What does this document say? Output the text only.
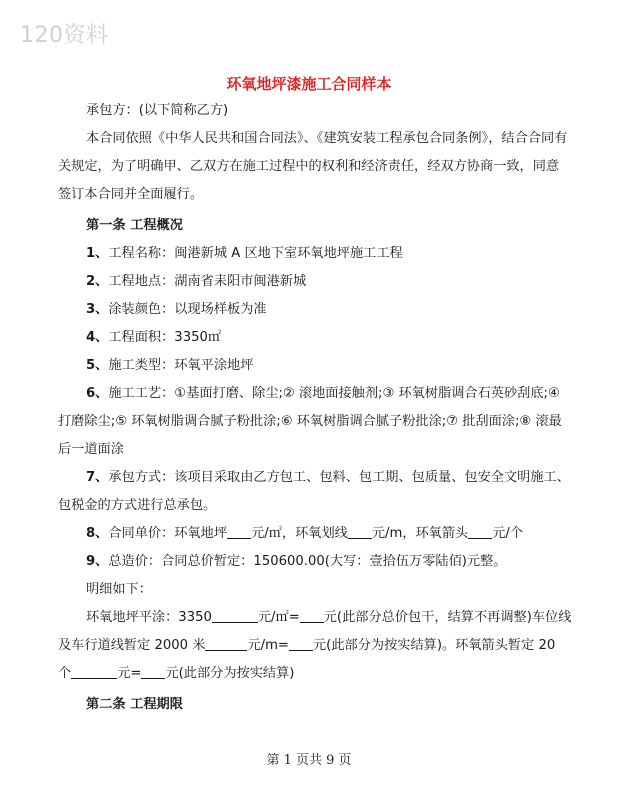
120资料
环氧地坪漆施工合同样本

承包方：(以下简称乙方)

本合同依照《中华人民共和国合同法》、《建筑安装工程承包合同条例》，结合合同有关规定，为了明确甲、乙双方在施工过程中的权利和经济责任，经双方协商一致，同意签订本合同并全面履行。

第一条 工程概况

1、工程名称：闽港新城 A 区地下室环氧地坪施工工程

2、工程地点：湖南省耒阳市闽港新城

3、涂装颜色：以现场样板为准

4、工程面积：3350㎡

5、施工类型：环氧平涂地坪

6、施工工艺：①基面打磨、除尘;② 滚地面接触剂;③ 环氧树脂调合石英砂刮底;④ 打磨除尘;⑤ 环氧树脂调合腻子粉批涂;⑥ 环氧树脂调合腻子粉批涂;⑦ 批刮面涂;⑧ 滚最后一道面涂

7、承包方式：该项目采取由乙方包工、包料、包工期、包质量、包安全文明施工、包税金的方式进行总承包。

8、合同单价：环氧地坪 元/㎡，环氧划线 元/m，环氧箭头 元/个

9、总造价：合同总价暂定：150600.00(大写：壹拾伍万零陆佰)元整。

明细如下：

环氧地坪平涂：3350	元/㎡= 元(此部分总价包干，结算不再调整)车位线及车行道线暂定 2000 米	元/m= 元(此部分为按实结算)。环氧箭头暂定 20 个	元= 元(此部分为按实结算)

第二条 工程期限

第 1 页共 9 页
